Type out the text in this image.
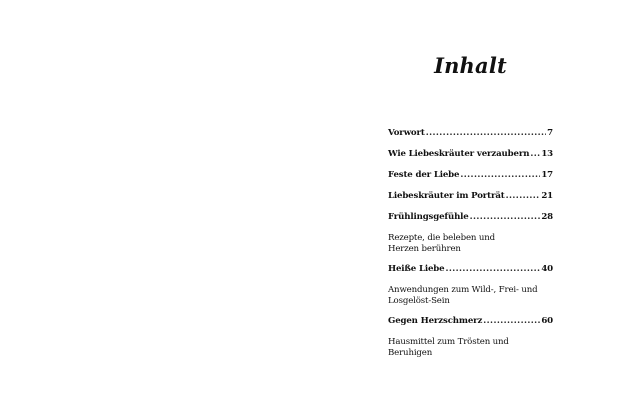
Inhalt
Vorwort .....	7
Wie Liebeskräuter verzaubern ..... 13
Feste der Liebe .....	17
Liebeskräuter im Porträt .....	21
Frühlingsgefühle .....	28
Rezepte, die beleben und
Herzen berühren
Heiße Liebe .....	40
Anwendungen zum Wild-, Frei- und
Losgelöst-Sein
Gegen Herzschmerz .....	60
Hausmittel zum Trösten und Beruhigen
